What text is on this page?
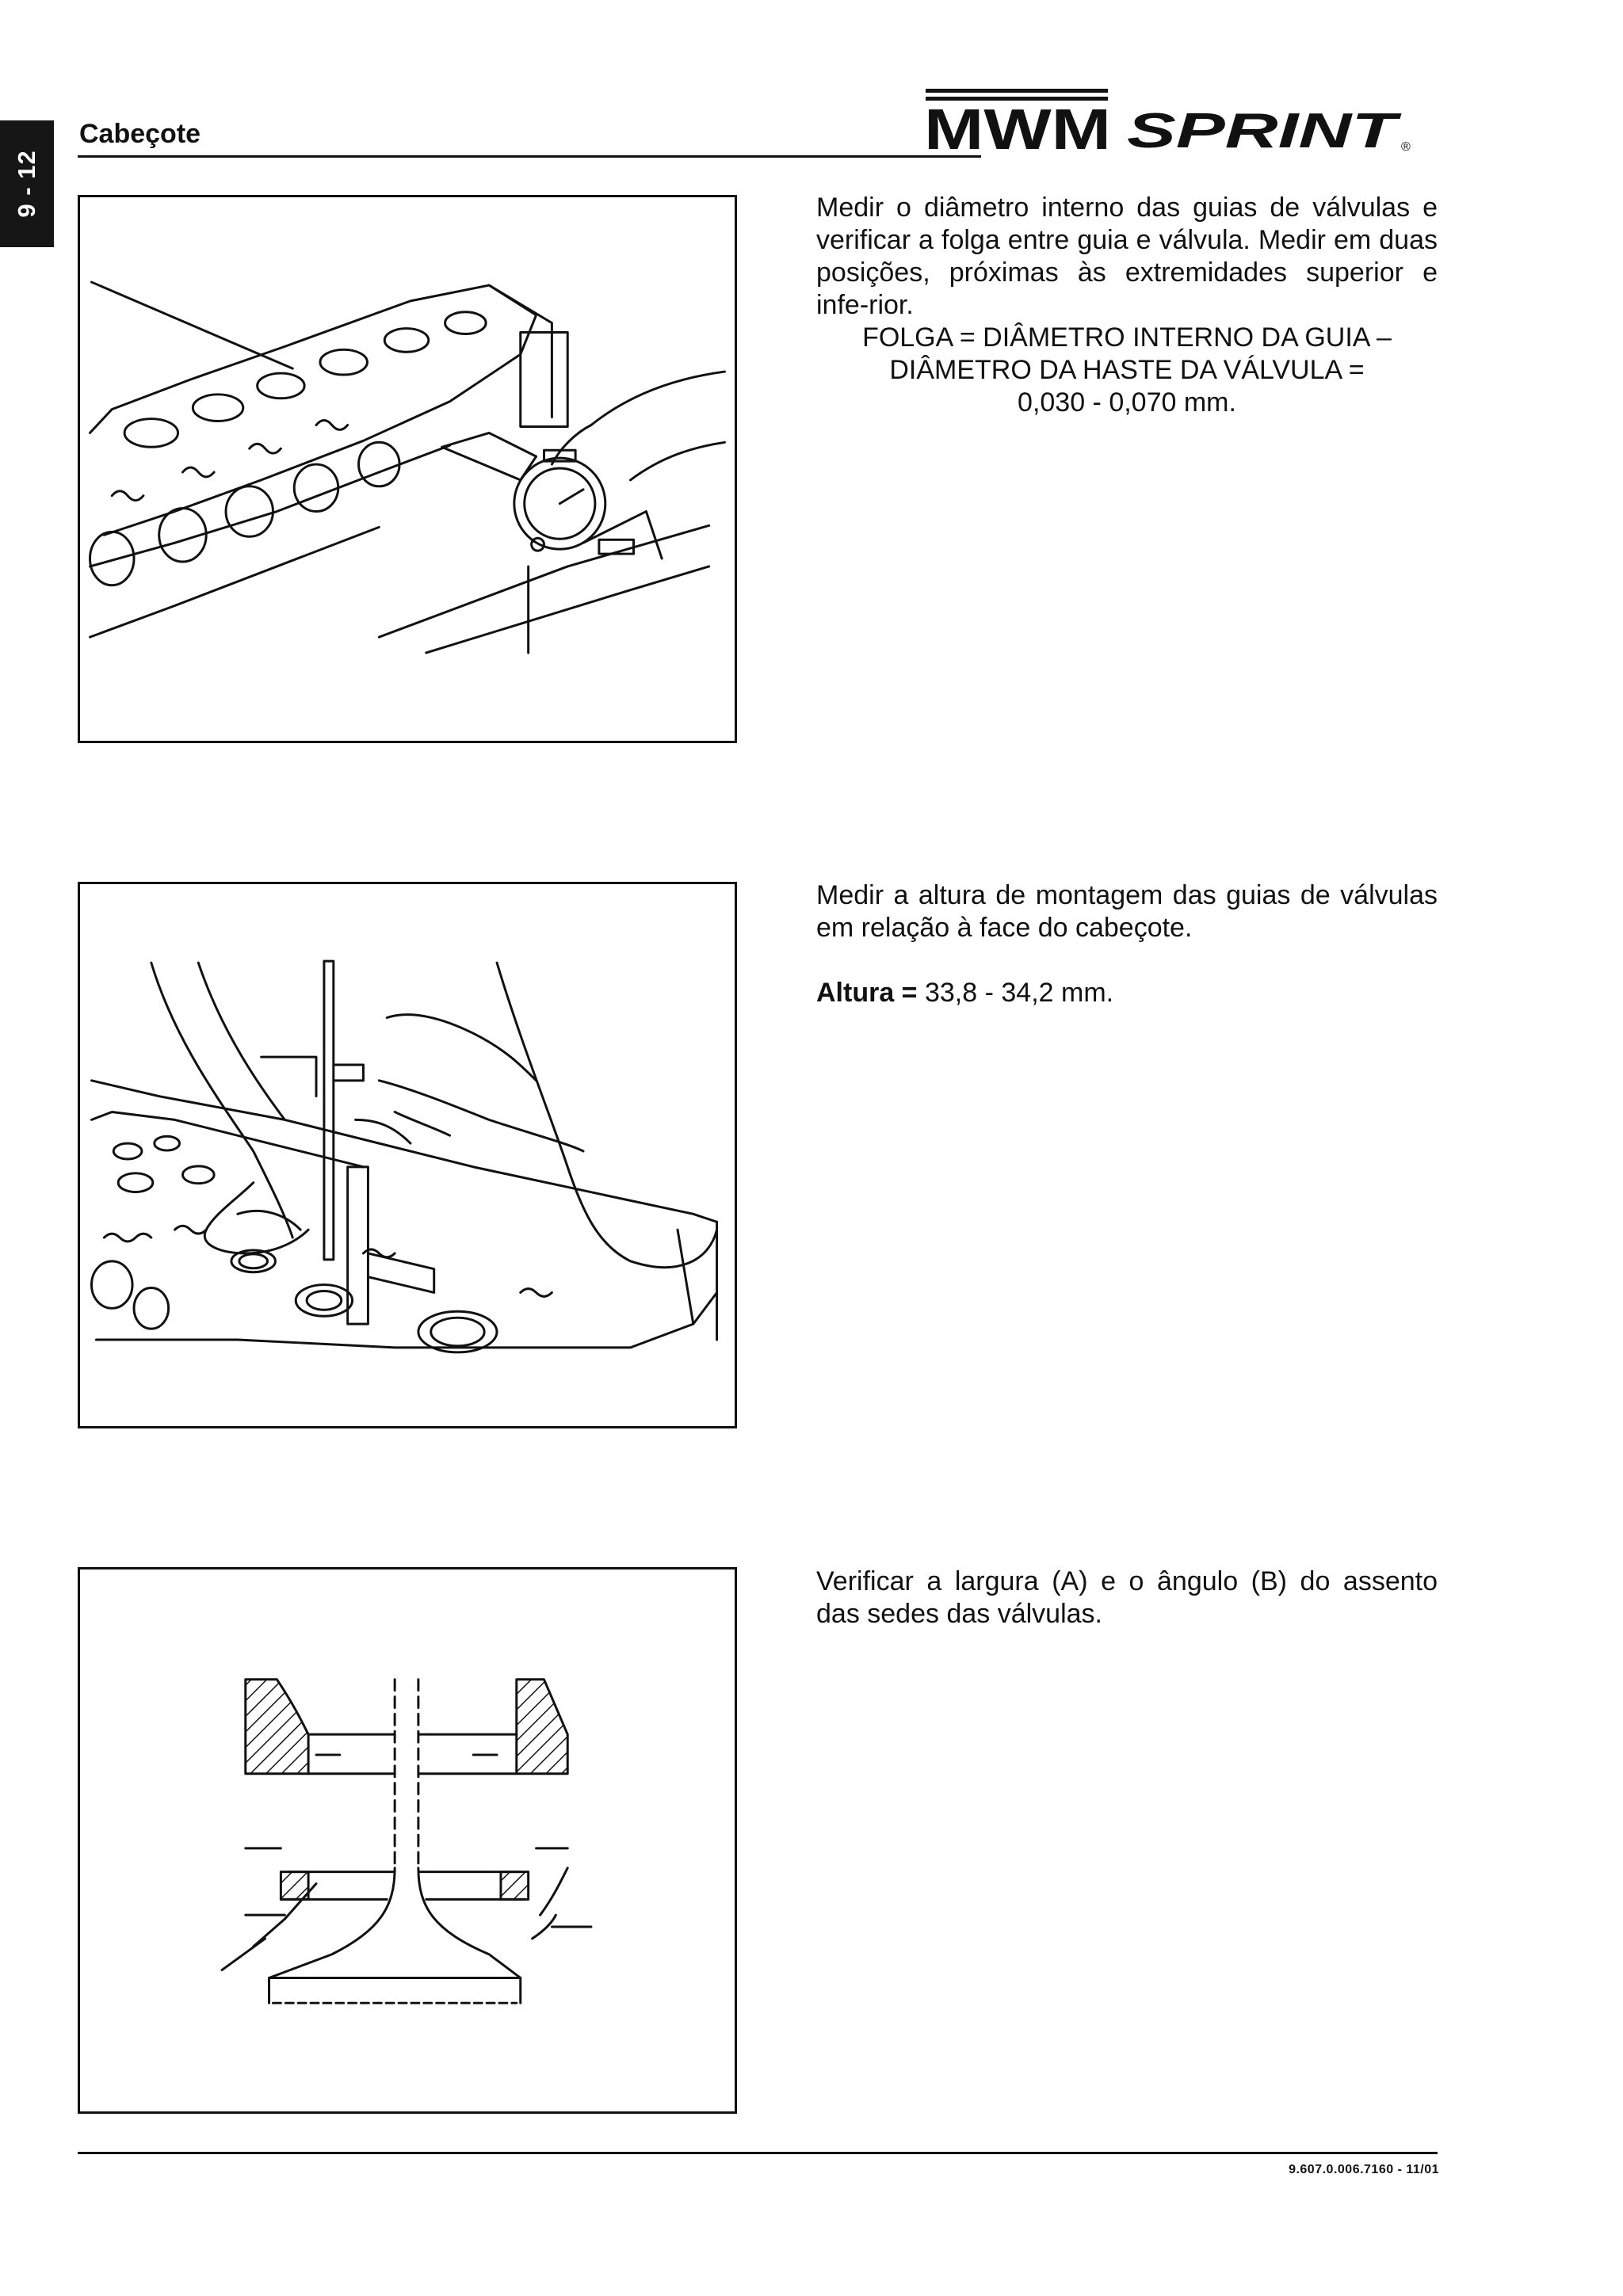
9 - 12
Cabeçote	MWM SPRINT
®

Medir o diâmetro interno das guias de válvulas e verificar a folga entre guia e válvula. Medir em duas posições, próximas às extremidades superior e infe-rior.

FOLGA = DIÂMETRO INTERNO DA GUIA –

DIÂMETRO DA HASTE DA VÁLVULA =

0,030 - 0,070 mm.

Medir a altura de montagem das guias de válvulas em relação à face do cabeçote.

Altura = 33,8 - 34,2 mm.

Verificar a largura (A) e o ângulo (B) do assento das sedes das válvulas.

9.607.0.006.7160 - 11/01
